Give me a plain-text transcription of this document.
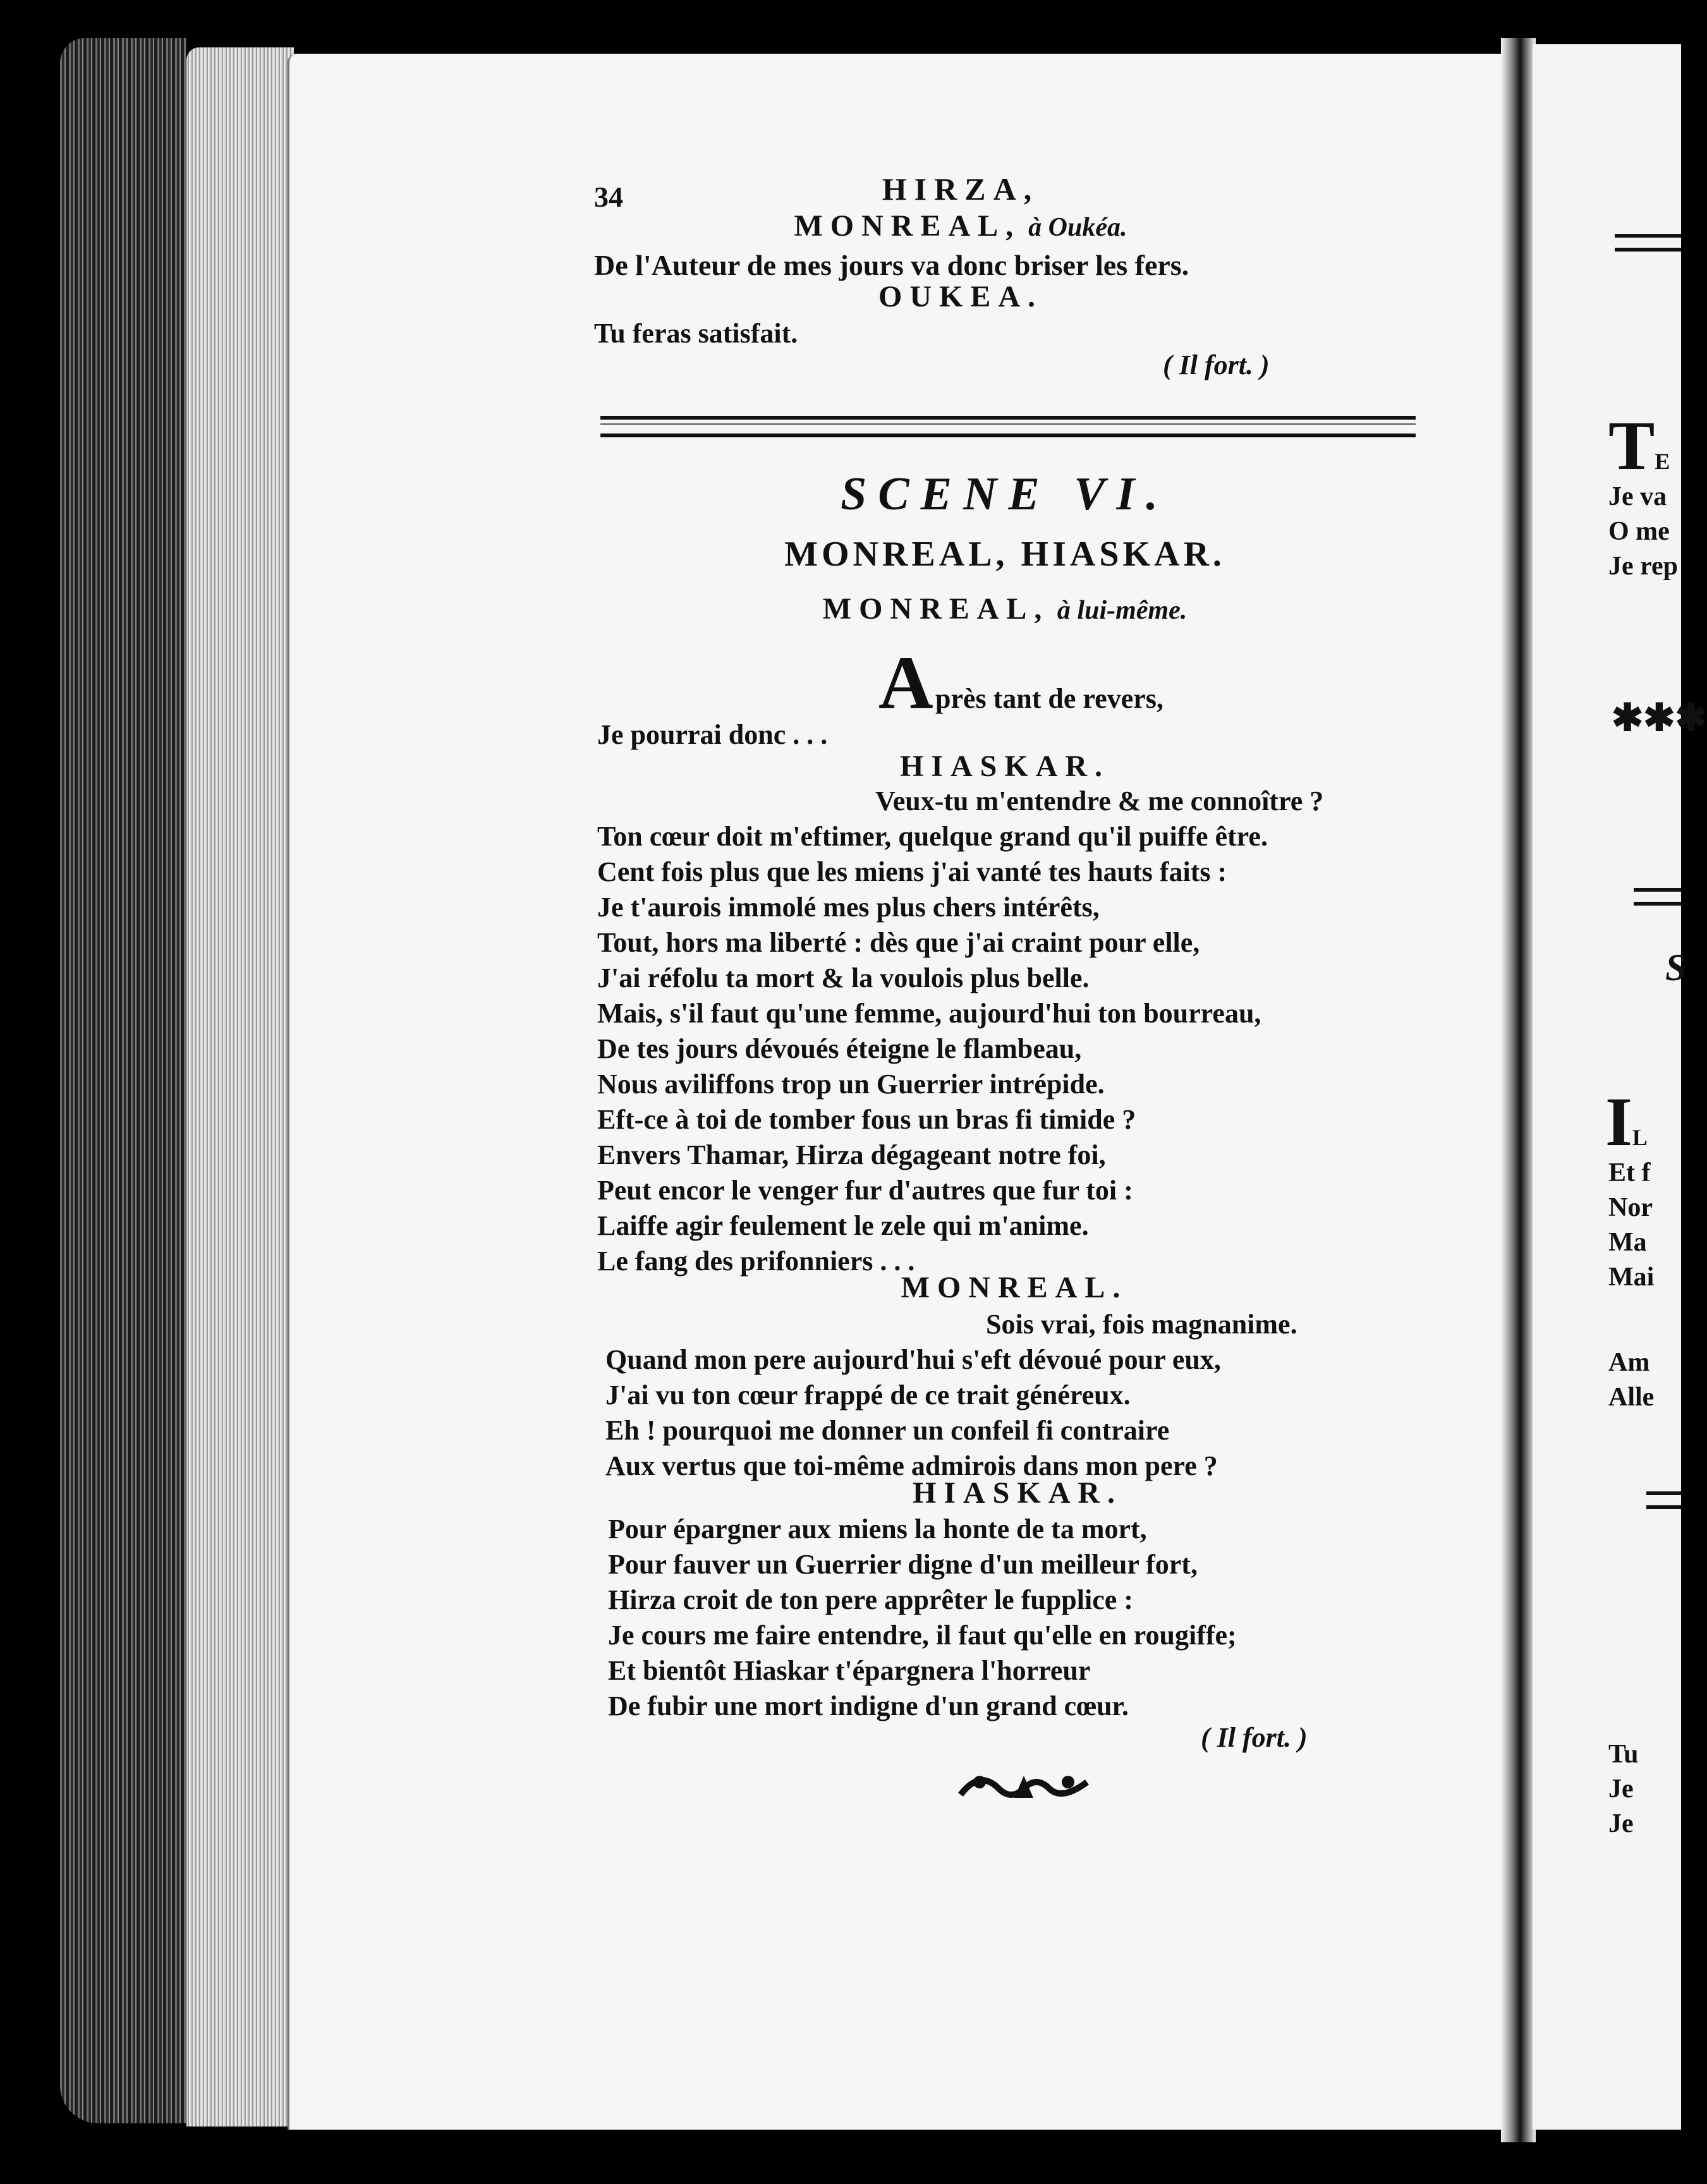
34	HIRZA,
MONREAL, à Oukéa.
De l'Auteur de mes jours va donc briser les fers.
OUKEA.
Tu feras satisfait.
( Il fort. )
SCENE VI.
MONREAL, HIASKAR.
MONREAL, à lui-même.
A près tant de revers,
Je pourrai donc . . .
HIASKAR.
Veux-tu m'entendre & me connoître ?
Ton cœur doit m'eftimer, quelque grand qu'il puiffe être.
Cent fois plus que les miens j'ai vanté tes hauts faits :
Je t'aurois immolé mes plus chers intérêts,
Tout, hors ma liberté : dès que j'ai craint pour elle,
J'ai réfolu ta mort & la voulois plus belle.
Mais, s'il faut qu'une femme, aujourd'hui ton bourreau,
De tes jours dévoués éteigne le flambeau,
Nous aviliffons trop un Guerrier intrépide.
Eft-ce à toi de tomber fous un bras fi timide ?
Envers Thamar, Hirza dégageant notre foi,
Peut encor le venger fur d'autres que fur toi :
Laiffe agir feulement le zele qui m'anime.
Le fang des prifonniers . . .
MONREAL.
Sois vrai, fois magnanime.
Quand mon pere aujourd'hui s'eft dévoué pour eux,
J'ai vu ton cœur frappé de ce trait généreux.
Eh ! pourquoi me donner un confeil fi contraire
Aux vertus que toi-même admirois dans mon pere ?
HIASKAR.
Pour épargner aux miens la honte de ta mort,
Pour fauver un Guerrier digne d'un meilleur fort,
Hirza croit de ton pere apprêter le fupplice :
Je cours me faire entendre, il faut qu'elle en rougiffe;
Et bientôt Hiaskar t'épargnera l'horreur
De fubir une mort indigne d'un grand cœur.
( Il fort. )
TE
Je va
O me
Je rep
✱✱✱
S
IL
Et f
Nor
Ma
Mai
Am
Alle
Tu
Je
Je
